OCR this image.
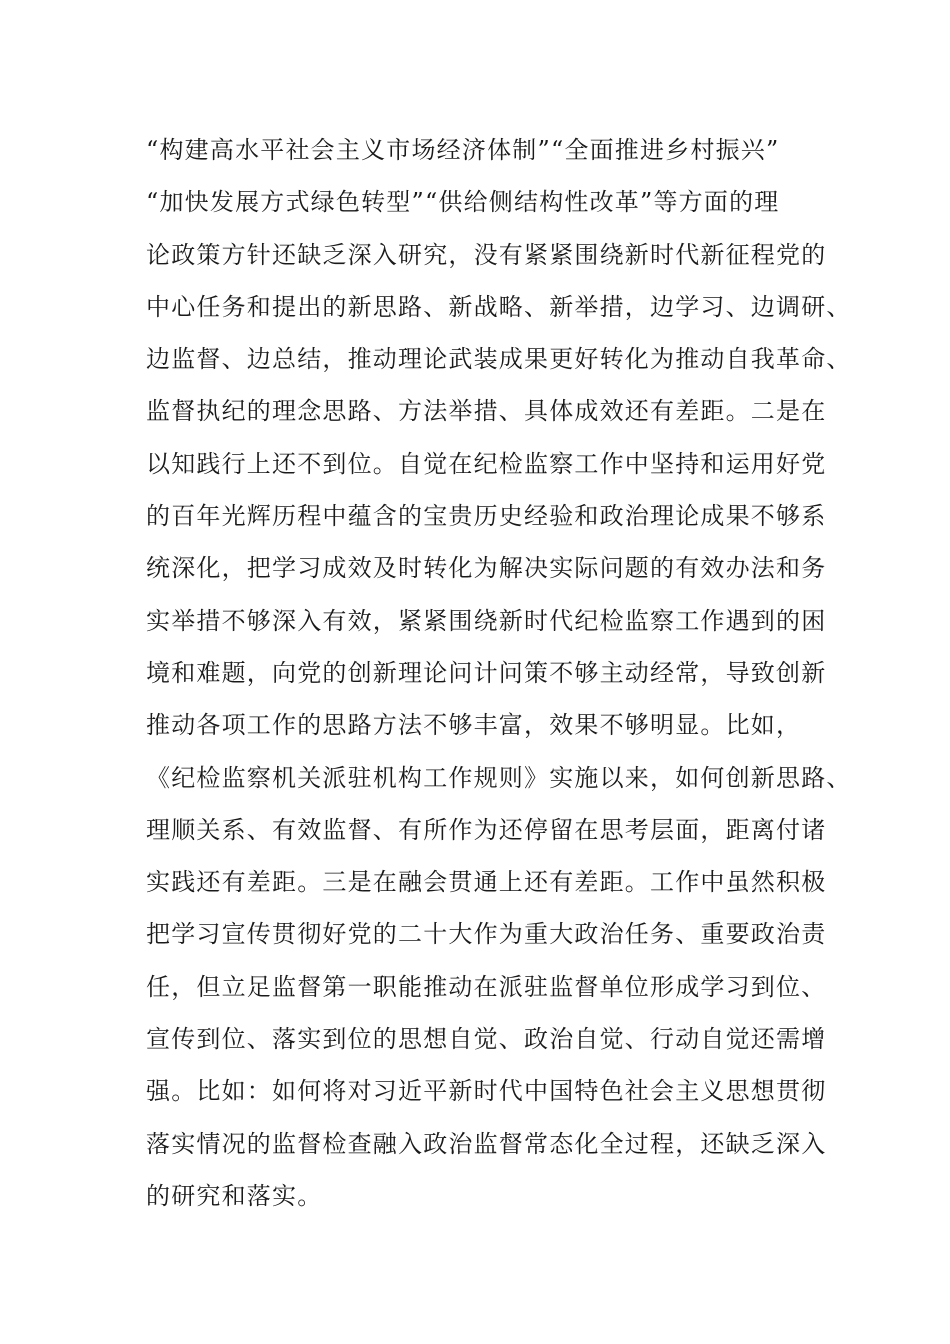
“构建高水平社会主义市场经济体制”“全面推进乡村振兴”
“加快发展方式绿色转型”“供给侧结构性改革”等方面的理
论政策方针还缺乏深入研究，没有紧紧围绕新时代新征程党的
中心任务和提出的新思路、新战略、新举措，边学习、边调研、
边监督、边总结，推动理论武装成果更好转化为推动自我革命、
监督执纪的理念思路、方法举措、具体成效还有差距。二是在
以知践行上还不到位。自觉在纪检监察工作中坚持和运用好党
的百年光辉历程中蕴含的宝贵历史经验和政治理论成果不够系
统深化，把学习成效及时转化为解决实际问题的有效办法和务
实举措不够深入有效，紧紧围绕新时代纪检监察工作遇到的困
境和难题，向党的创新理论问计问策不够主动经常，导致创新
推动各项工作的思路方法不够丰富，效果不够明显。比如，
《纪检监察机关派驻机构工作规则》实施以来，如何创新思路、
理顺关系、有效监督、有所作为还停留在思考层面，距离付诸
实践还有差距。三是在融会贯通上还有差距。工作中虽然积极
把学习宣传贯彻好党的二十大作为重大政治任务、重要政治责
任，但立足监督第一职能推动在派驻监督单位形成学习到位、
宣传到位、落实到位的思想自觉、政治自觉、行动自觉还需增
强。比如：如何将对习近平新时代中国特色社会主义思想贯彻
落实情况的监督检查融入政治监督常态化全过程，还缺乏深入
的研究和落实。
